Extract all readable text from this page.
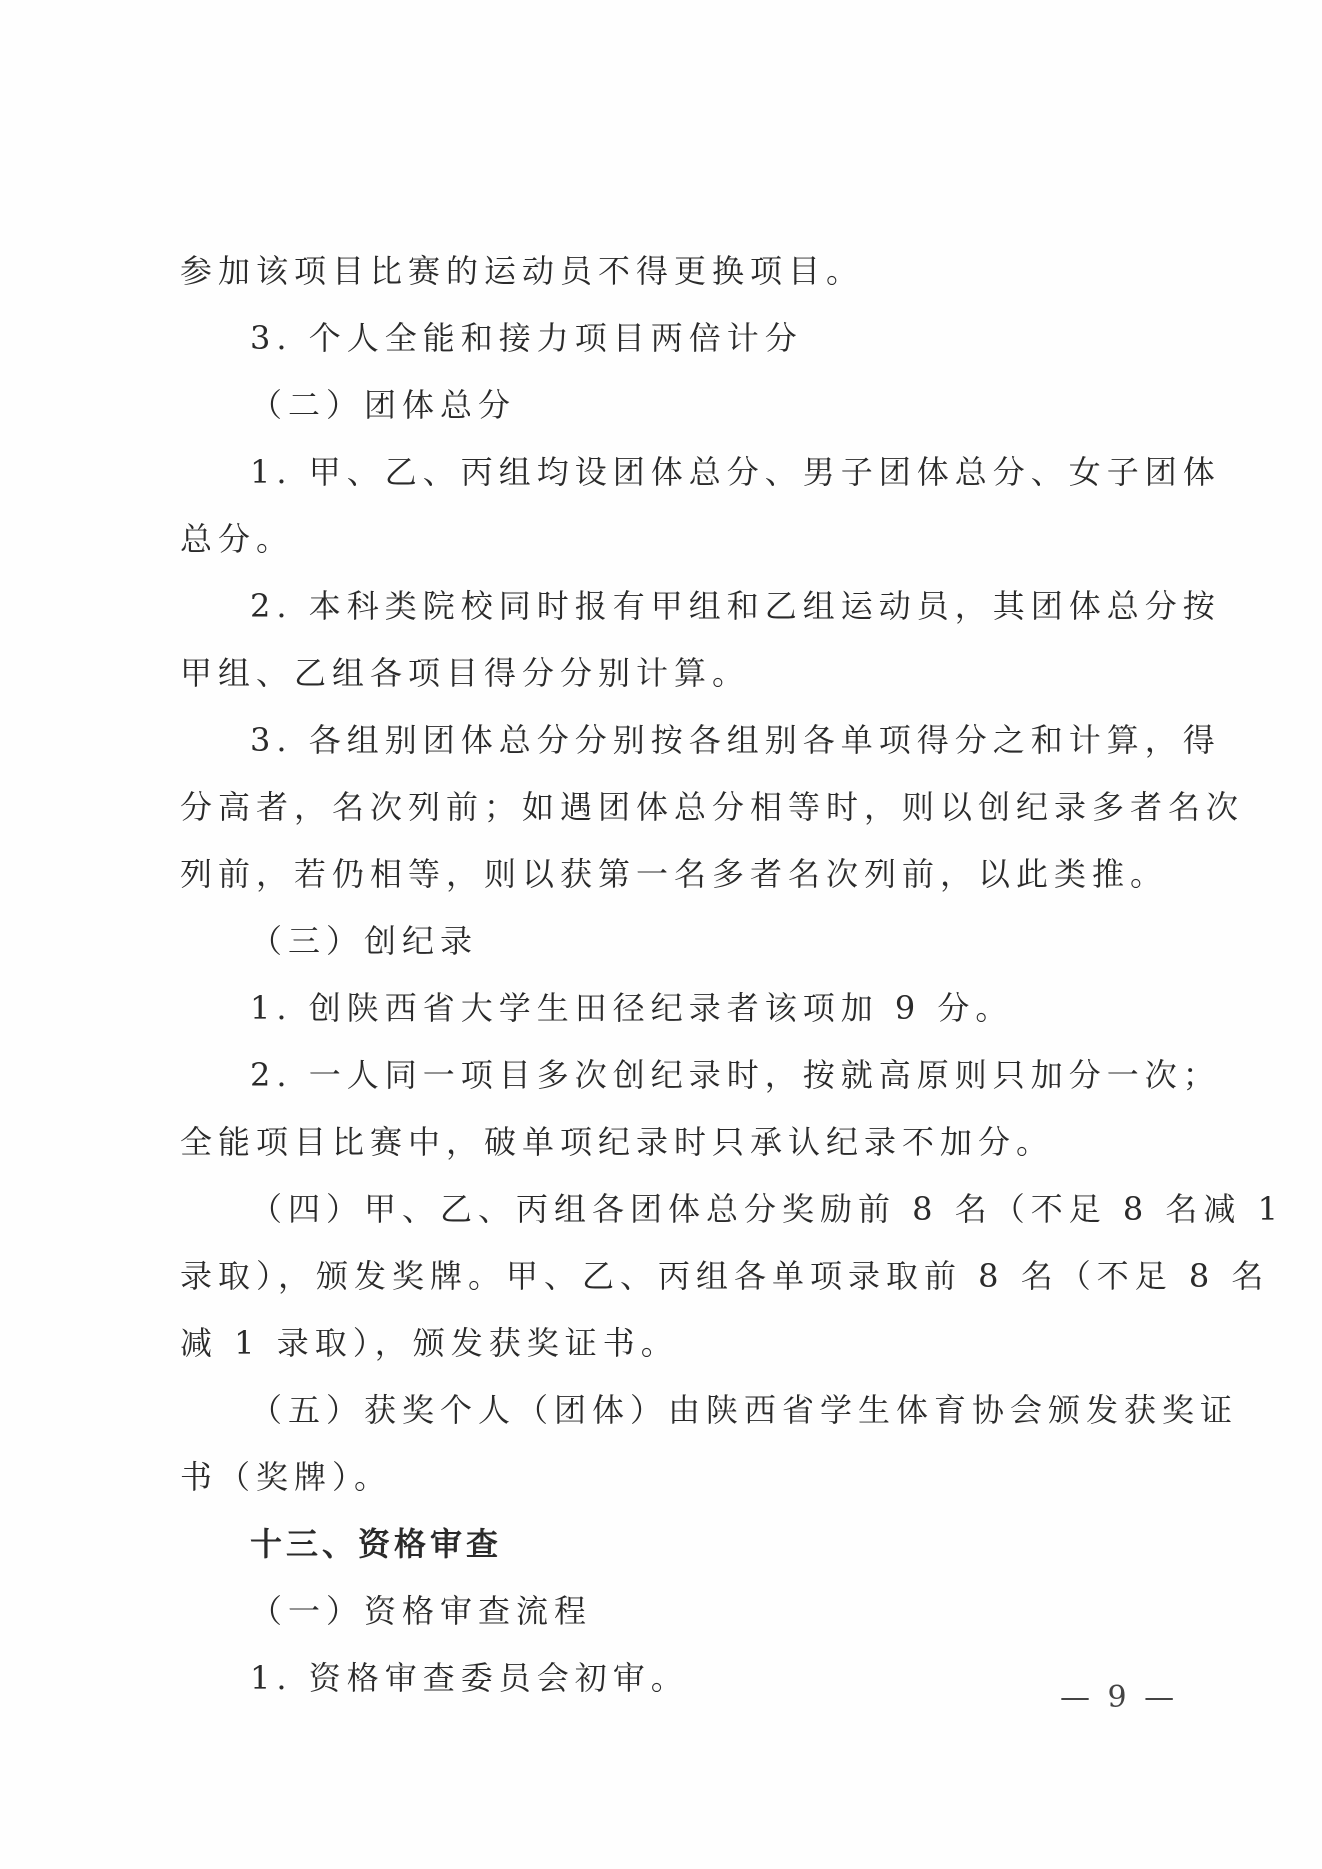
参加该项目比赛的运动员不得更换项目。
3. 个人全能和接力项目两倍计分
（二）团体总分
1. 甲、乙、丙组均设团体总分、男子团体总分、女子团体
总分。
2. 本科类院校同时报有甲组和乙组运动员，其团体总分按
甲组、乙组各项目得分分别计算。
3. 各组别团体总分分别按各组别各单项得分之和计算，得
分高者，名次列前；如遇团体总分相等时，则以创纪录多者名次
列前，若仍相等，则以获第一名多者名次列前，以此类推。
（三）创纪录
1. 创陕西省大学生田径纪录者该项加 9 分。
2. 一人同一项目多次创纪录时，按就高原则只加分一次；
全能项目比赛中，破单项纪录时只承认纪录不加分。
（四）甲、乙、丙组各团体总分奖励前 8 名（不足 8 名减 1
录取），颁发奖牌。甲、乙、丙组各单项录取前 8 名（不足 8 名
减 1 录取），颁发获奖证书。
（五）获奖个人（团体）由陕西省学生体育协会颁发获奖证
书（奖牌）。
十三、资格审查
（一）资格审查流程
1. 资格审查委员会初审。
— 9 —
